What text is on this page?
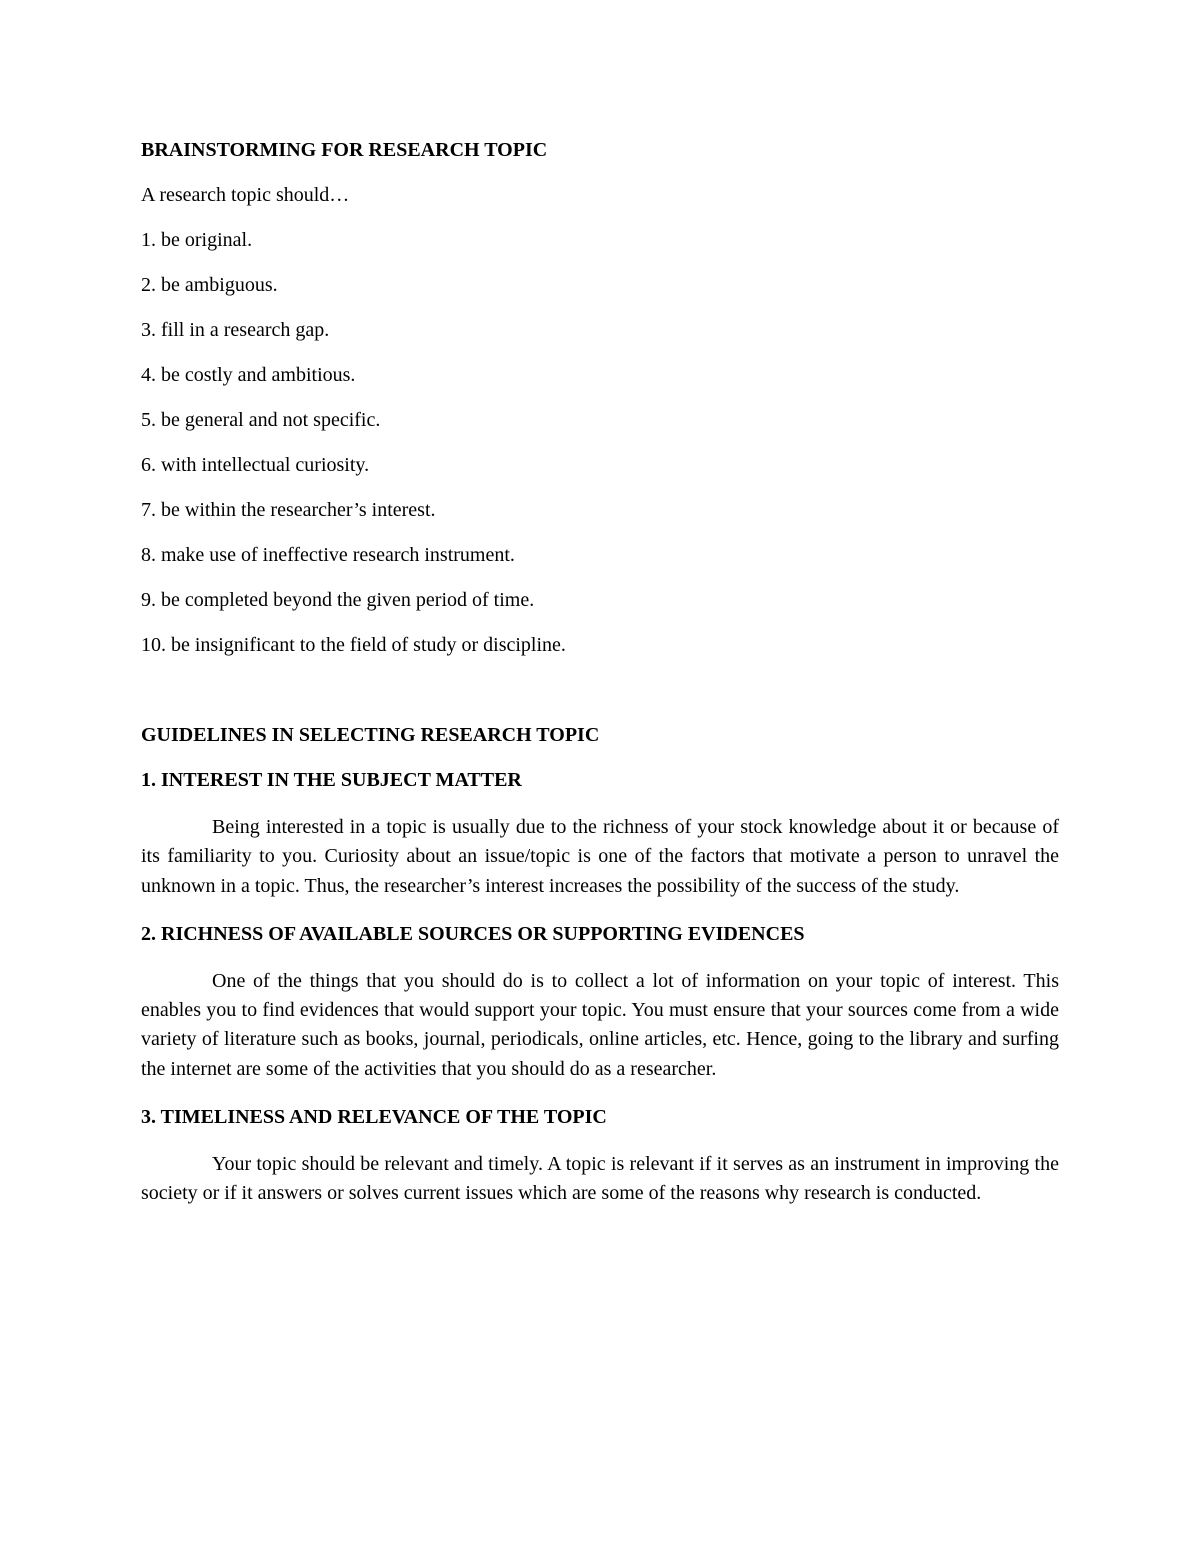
BRAINSTORMING FOR RESEARCH TOPIC

A research topic should…

1. be original.

2. be ambiguous.

3. fill in a research gap.

4. be costly and ambitious.

5. be general and not specific.

6. with intellectual curiosity.

7. be within the researcher’s interest.

8. make use of ineffective research instrument.

9. be completed beyond the given period of time.

10. be insignificant to the field of study or discipline.

GUIDELINES IN SELECTING RESEARCH TOPIC

1. INTEREST IN THE SUBJECT MATTER

Being interested in a topic is usually due to the richness of your stock knowledge about it or because of its familiarity to you. Curiosity about an issue/topic is one of the factors that motivate a person to unravel the unknown in a topic. Thus, the researcher’s interest increases the possibility of the success of the study.

2. RICHNESS OF AVAILABLE SOURCES OR SUPPORTING EVIDENCES

One of the things that you should do is to collect a lot of information on your topic of interest. This enables you to find evidences that would support your topic. You must ensure that your sources come from a wide variety of literature such as books, journal, periodicals, online articles, etc. Hence, going to the library and surfing the internet are some of the activities that you should do as a researcher.

3. TIMELINESS AND RELEVANCE OF THE TOPIC

Your topic should be relevant and timely. A topic is relevant if it serves as an instrument in improving the society or if it answers or solves current issues which are some of the reasons why research is conducted.
